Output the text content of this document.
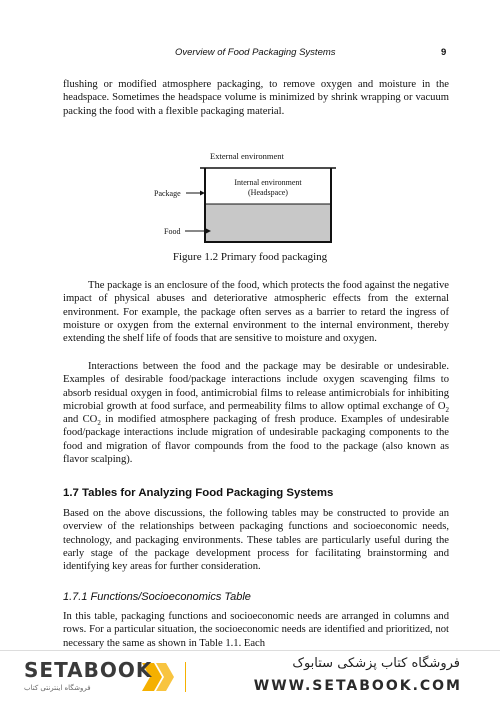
Overview of Food Packaging Systems	9

flushing or modified atmosphere packaging, to remove oxygen and moisture in the headspace. Sometimes the headspace volume is minimized by shrink wrapping or vacuum packing the food with a flexible packaging material.

External environment
Internal environment
(Headspace)
Package
Food
Figure 1.2 Primary food packaging

The package is an enclosure of the food, which protects the food against the negative impact of physical abuses and deteriorative atmospheric effects from the external environment. For example, the package often serves as a barrier to retard the ingress of moisture or oxygen from the external environment to the internal environment, thereby extending the shelf life of foods that are sensitive to moisture and oxygen.

Interactions between the food and the package may be desirable or undesirable. Examples of desirable food/package interactions include oxygen scavenging films to absorb residual oxygen in food, antimicrobial films to release antimicrobials for inhibiting microbial growth at food surface, and permeability films to allow optimal exchange of $O_2$ and $CO_2$ in modified atmosphere packaging of fresh produce. Examples of undesirable food/package interactions include migration of undesirable packaging components to the food and migration of flavor compounds from the food to the package (also known as flavor scalping).

1.7 Tables for Analyzing Food Packaging Systems

Based on the above discussions, the following tables may be constructed to provide an overview of the relationships between packaging functions and socioeconomic needs, technology, and packaging environments. These tables are particularly useful during the early stage of the package development process for facilitating brainstorming and identifying key areas for further consideration.

1.7.1 Functions/Socioeconomics Table

In this table, packaging functions and socioeconomic needs are arranged in columns and rows. For a particular situation, the socioeconomic needs are identified and prioritized, not necessary the same as shown in Table 1.1. Each

SETABOOK
فروشگاه اینترنتی کتاب
فروشگاه کتاب پزشکی ستابوک
WWW.SETABOOK.COM
